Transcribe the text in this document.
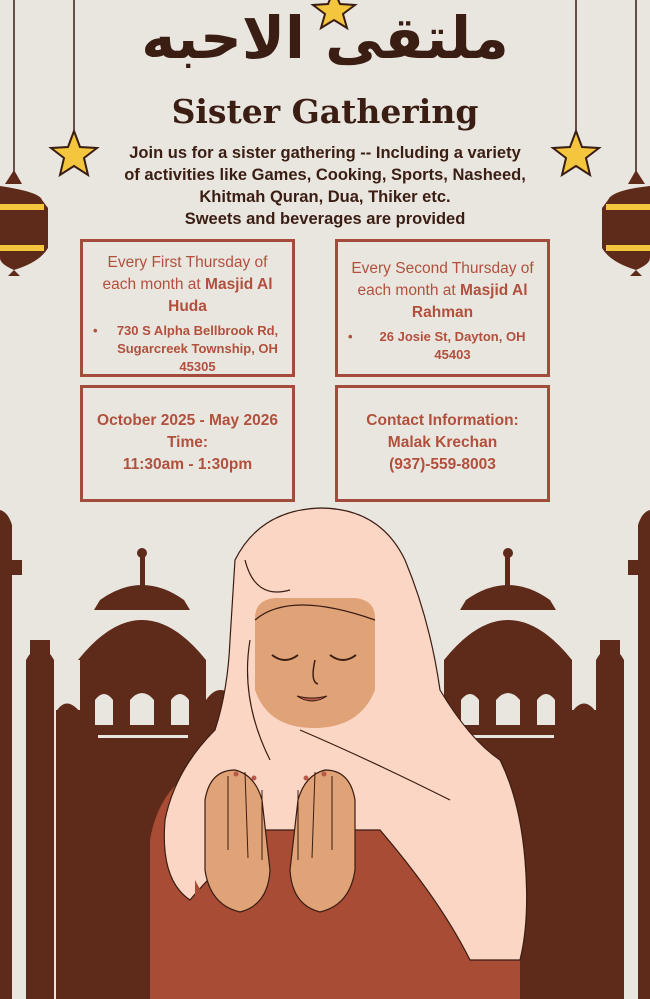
ملتقى الاحبه
Sister Gathering
Join us for a sister gathering -- Including a variety
of activities like Games, Cooking, Sports, Nasheed,
Khitmah Quran, Dua, Thiker etc.
Sweets and beverages are provided
Every First Thursday of each month at Masjid Al Huda
•	730 S Alpha Bellbrook Rd, Sugarcreek Township, OH 45305
Every Second Thursday of each month at Masjid Al Rahman
•	26 Josie St, Dayton, OH 45403
October 2025 - May 2026
Time:
11:30am - 1:30pm
Contact Information:
Malak Krechan
(937)-559-8003
